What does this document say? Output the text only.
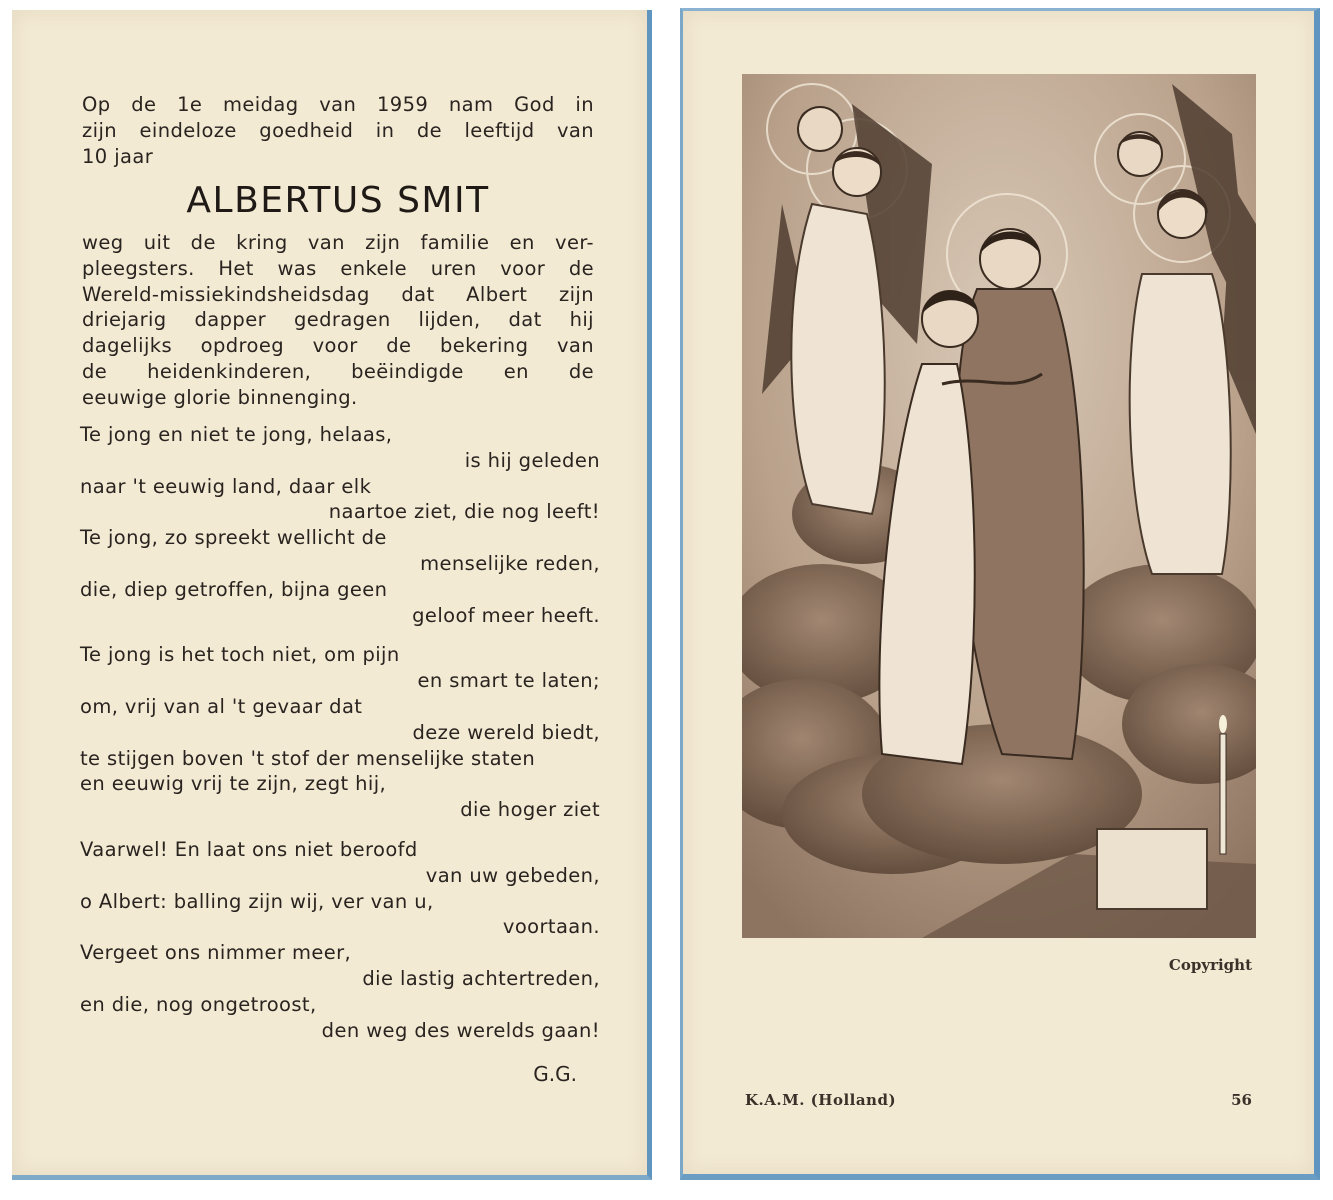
Op de 1e meidag van 1959 nam God in
zijn eindeloze goedheid in de leeftijd van
10 jaar
ALBERTUS SMIT
weg uit de kring van zijn familie en ver-
pleegsters. Het was enkele uren voor de
Wereld-missiekindsheidsdag dat Albert zijn
driejarig dapper gedragen lijden, dat hij
dagelijks opdroeg voor de bekering van
de heidenkinderen, beëindigde en de
eeuwige glorie binnenging.
Te jong en niet te jong, helaas,
is hij geleden
naar 't eeuwig land, daar elk
naartoe ziet, die nog leeft!
Te jong, zo spreekt wellicht de
menselijke reden,
die, diep getroffen, bijna geen
geloof meer heeft.
Te jong is het toch niet, om pijn
en smart te laten;
om, vrij van al 't gevaar dat
deze wereld biedt,
te stijgen boven 't stof der menselijke staten
en eeuwig vrij te zijn, zegt hij,
die hoger ziet
Vaarwel! En laat ons niet beroofd
van uw gebeden,
o Albert: balling zijn wij, ver van u,
voortaan.
Vergeet ons nimmer meer,
die lastig achtertreden,
en die, nog ongetroost,
den weg des werelds gaan!
G.G.
Copyright
K.A.M. (Holland)	56
